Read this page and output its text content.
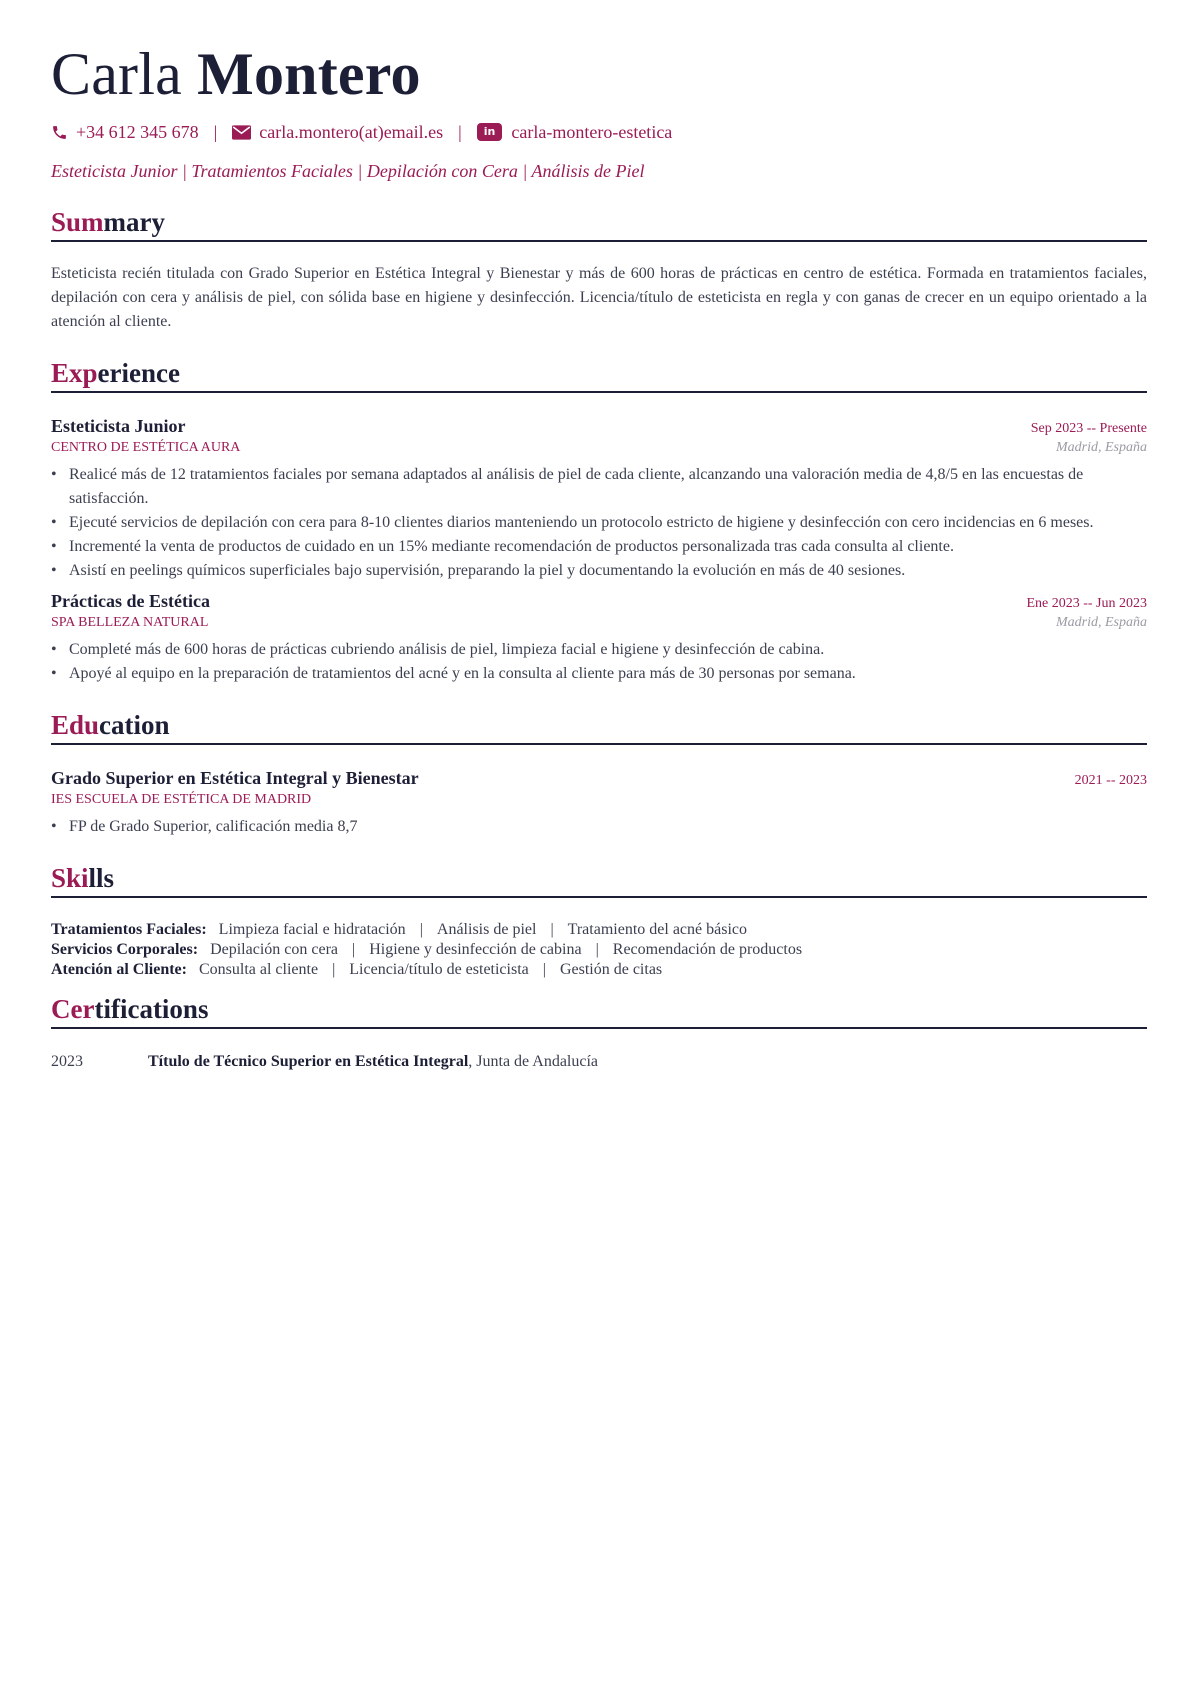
Carla Montero
+34 612 345 678 | carla.montero(at)email.es |	in carla-montero-estetica
Esteticista Junior | Tratamientos Faciales | Depilación con Cera | Análisis de Piel
Summary
Esteticista recién titulada con Grado Superior en Estética Integral y Bienestar y más de 600 horas de prácticas en centro de estética. Formada en tratamientos faciales, depilación con cera y análisis de piel, con sólida base en higiene y desinfección. Licencia/título de esteticista en regla y con ganas de crecer en un equipo orientado a la atención al cliente.
Experience
Esteticista Junior	Sep 2023 -- Presente
CENTRO DE ESTÉTICA AURA	Madrid, España
• Realicé más de 12 tratamientos faciales por semana adaptados al análisis de piel de cada cliente, alcanzando una valoración media de 4,8/5 en las encuestas de satisfacción.
• Ejecuté servicios de depilación con cera para 8-10 clientes diarios manteniendo un protocolo estricto de higiene y desinfección con cero incidencias en 6 meses.
• Incrementé la venta de productos de cuidado en un 15% mediante recomendación de productos personalizada tras cada consulta al cliente.
• Asistí en peelings químicos superficiales bajo supervisión, preparando la piel y documentando la evolución en más de 40 sesiones.
Prácticas de Estética	Ene 2023 -- Jun 2023
SPA BELLEZA NATURAL	Madrid, España
• Completé más de 600 horas de prácticas cubriendo análisis de piel, limpieza facial e higiene y desinfección de cabina.
• Apoyé al equipo en la preparación de tratamientos del acné y en la consulta al cliente para más de 30 personas por semana.
Education
Grado Superior en Estética Integral y Bienestar	2021 -- 2023
IES ESCUELA DE ESTÉTICA DE MADRID
• FP de Grado Superior, calificación media 8,7
Skills
Tratamientos Faciales: Limpieza facial e hidratación | Análisis de piel | Tratamiento del acné básico
Servicios Corporales: Depilación con cera | Higiene y desinfección de cabina | Recomendación de productos
Atención al Cliente: Consulta al cliente | Licencia/título de esteticista | Gestión de citas
Certifications
2023	Título de Técnico Superior en Estética Integral, Junta de Andalucía
